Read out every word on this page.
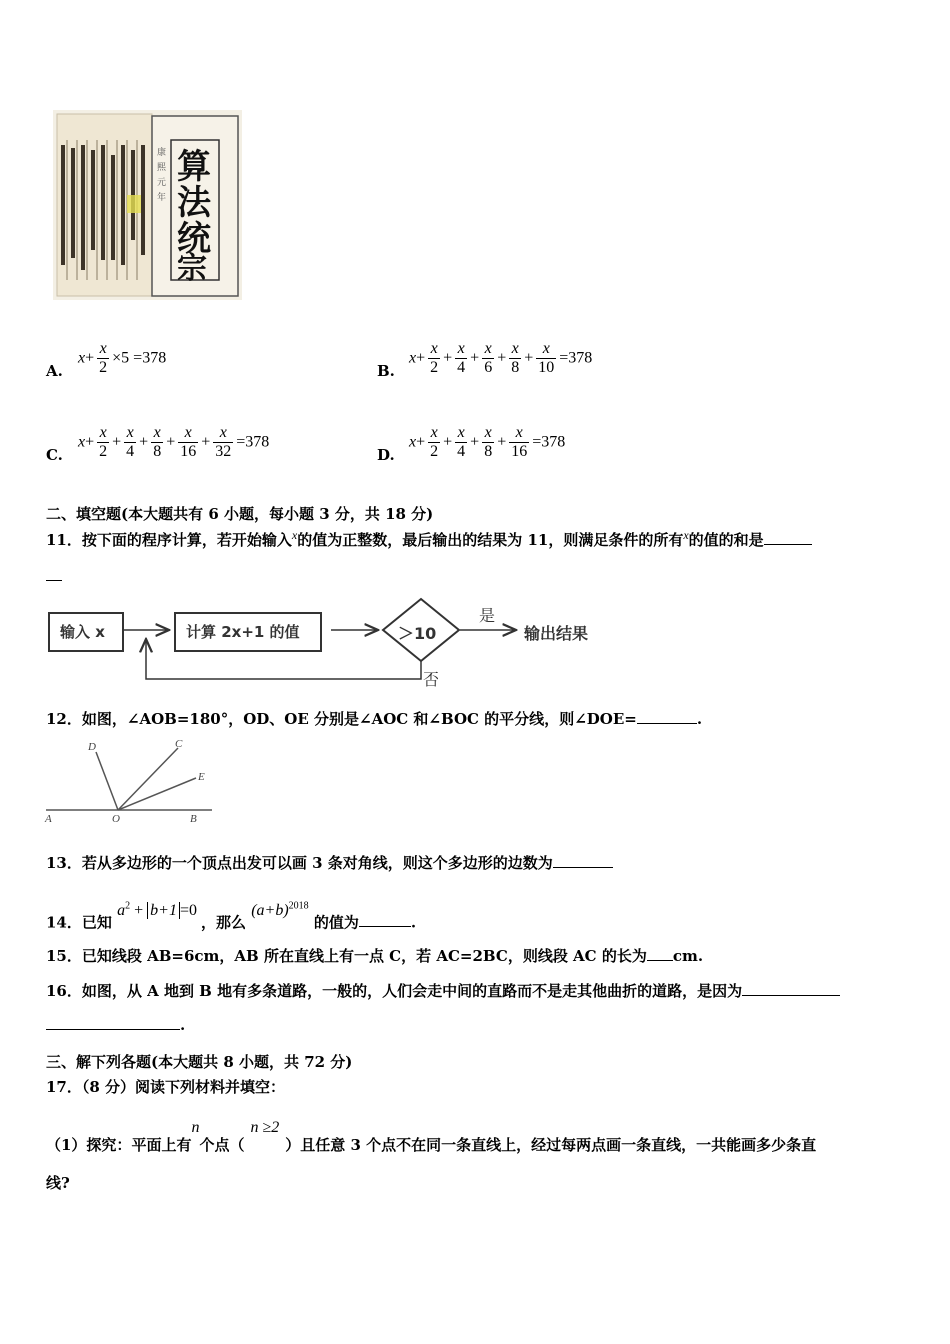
康
熙
元
年
算
法
统
宗
$A.x+ \frac{x}{2} \times 5 =378$
$B.x+ \frac{x}{2} + \frac{x}{4} + \frac{x}{6} + \frac{x}{8} + \frac{x}{10} =378$
$C.x+ \frac{x}{2} + \frac{x}{4} + \frac{x}{8} + \frac{x}{16} + \frac{x}{32} =378$
$D.x+ \frac{x}{2} + \frac{x}{4} + \frac{x}{8} + \frac{x}{16} =378$
二、填空题(本大题共有 6 小题，每小题 3 分，共 18 分)
11．按下面的程序计算，若开始输入$^x$的值为正整数，最后输出的结果为 11，则满足条件的所有$^x$的值的和是
输入 x	计算 2x+1 的值	＞10
是
否
输出结果
12．如图，∠AOB=180°，OD、OE 分别是∠AOC 和∠BOC 的平分线，则∠DOE=	.
D	C
E
A	O	B
13．若从多边形的一个顶点出发可以画 3 条对角线，则这个多边形的边数为
14．已知 $a^2 + b+1 =0$ ，那么 $(a+b)^{2018}$ 的值为	.
15．已知线段 AB=6cm，AB 所在直线上有一点 C，若 AC=2BC，则线段 AC 的长为 cm.
16．如图，从 A 地到 B 地有多条道路，一般的，人们会走中间的直路而不是走其他曲折的道路，是因为
.
三、解下列各题(本大题共 8 小题，共 72 分)
17．（8 分）阅读下列材料并填空：
（1）探究：平面上有n个点（n ≥2）且任意 3 个点不在同一条直线上，经过每两点画一条直线，一共能画多少条直
线?
